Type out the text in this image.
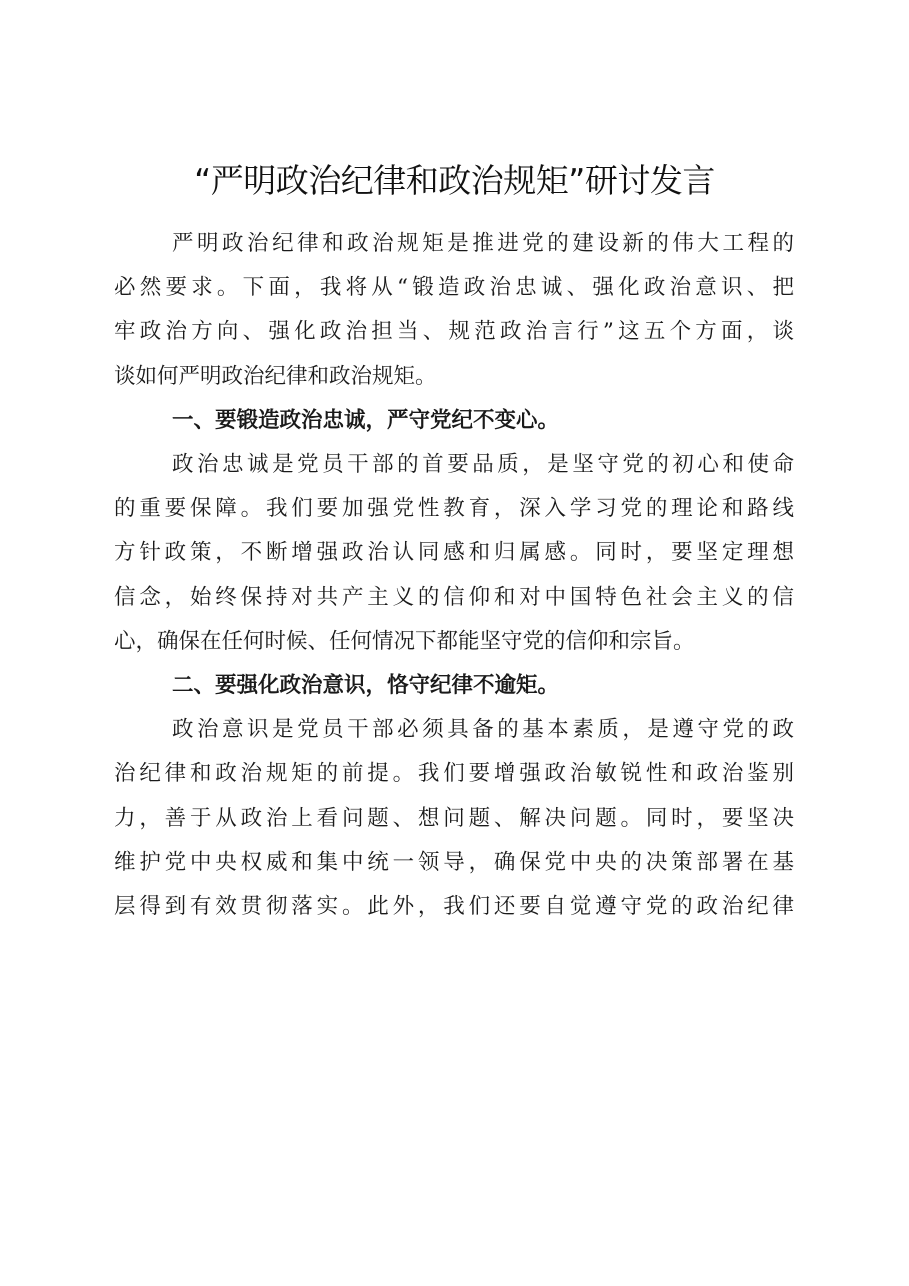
“严明政治纪律和政治规矩”研讨发言

严明政治纪律和政治规矩是推进党的建设新的伟大工程的
必然要求。下面，我将从“锻造政治忠诚、强化政治意识、把
牢政治方向、强化政治担当、规范政治言行”这五个方面，谈
谈如何严明政治纪律和政治规矩。

一、要锻造政治忠诚，严守党纪不变心。

政治忠诚是党员干部的首要品质，是坚守党的初心和使命
的重要保障。我们要加强党性教育，深入学习党的理论和路线
方针政策，不断增强政治认同感和归属感。同时，要坚定理想
信念，始终保持对共产主义的信仰和对中国特色社会主义的信
心，确保在任何时候、任何情况下都能坚守党的信仰和宗旨。

二、要强化政治意识，恪守纪律不逾矩。

政治意识是党员干部必须具备的基本素质，是遵守党的政
治纪律和政治规矩的前提。我们要增强政治敏锐性和政治鉴别
力，善于从政治上看问题、想问题、解决问题。同时，要坚决
维护党中央权威和集中统一领导，确保党中央的决策部署在基
层得到有效贯彻落实。此外，我们还要自觉遵守党的政治纪律
